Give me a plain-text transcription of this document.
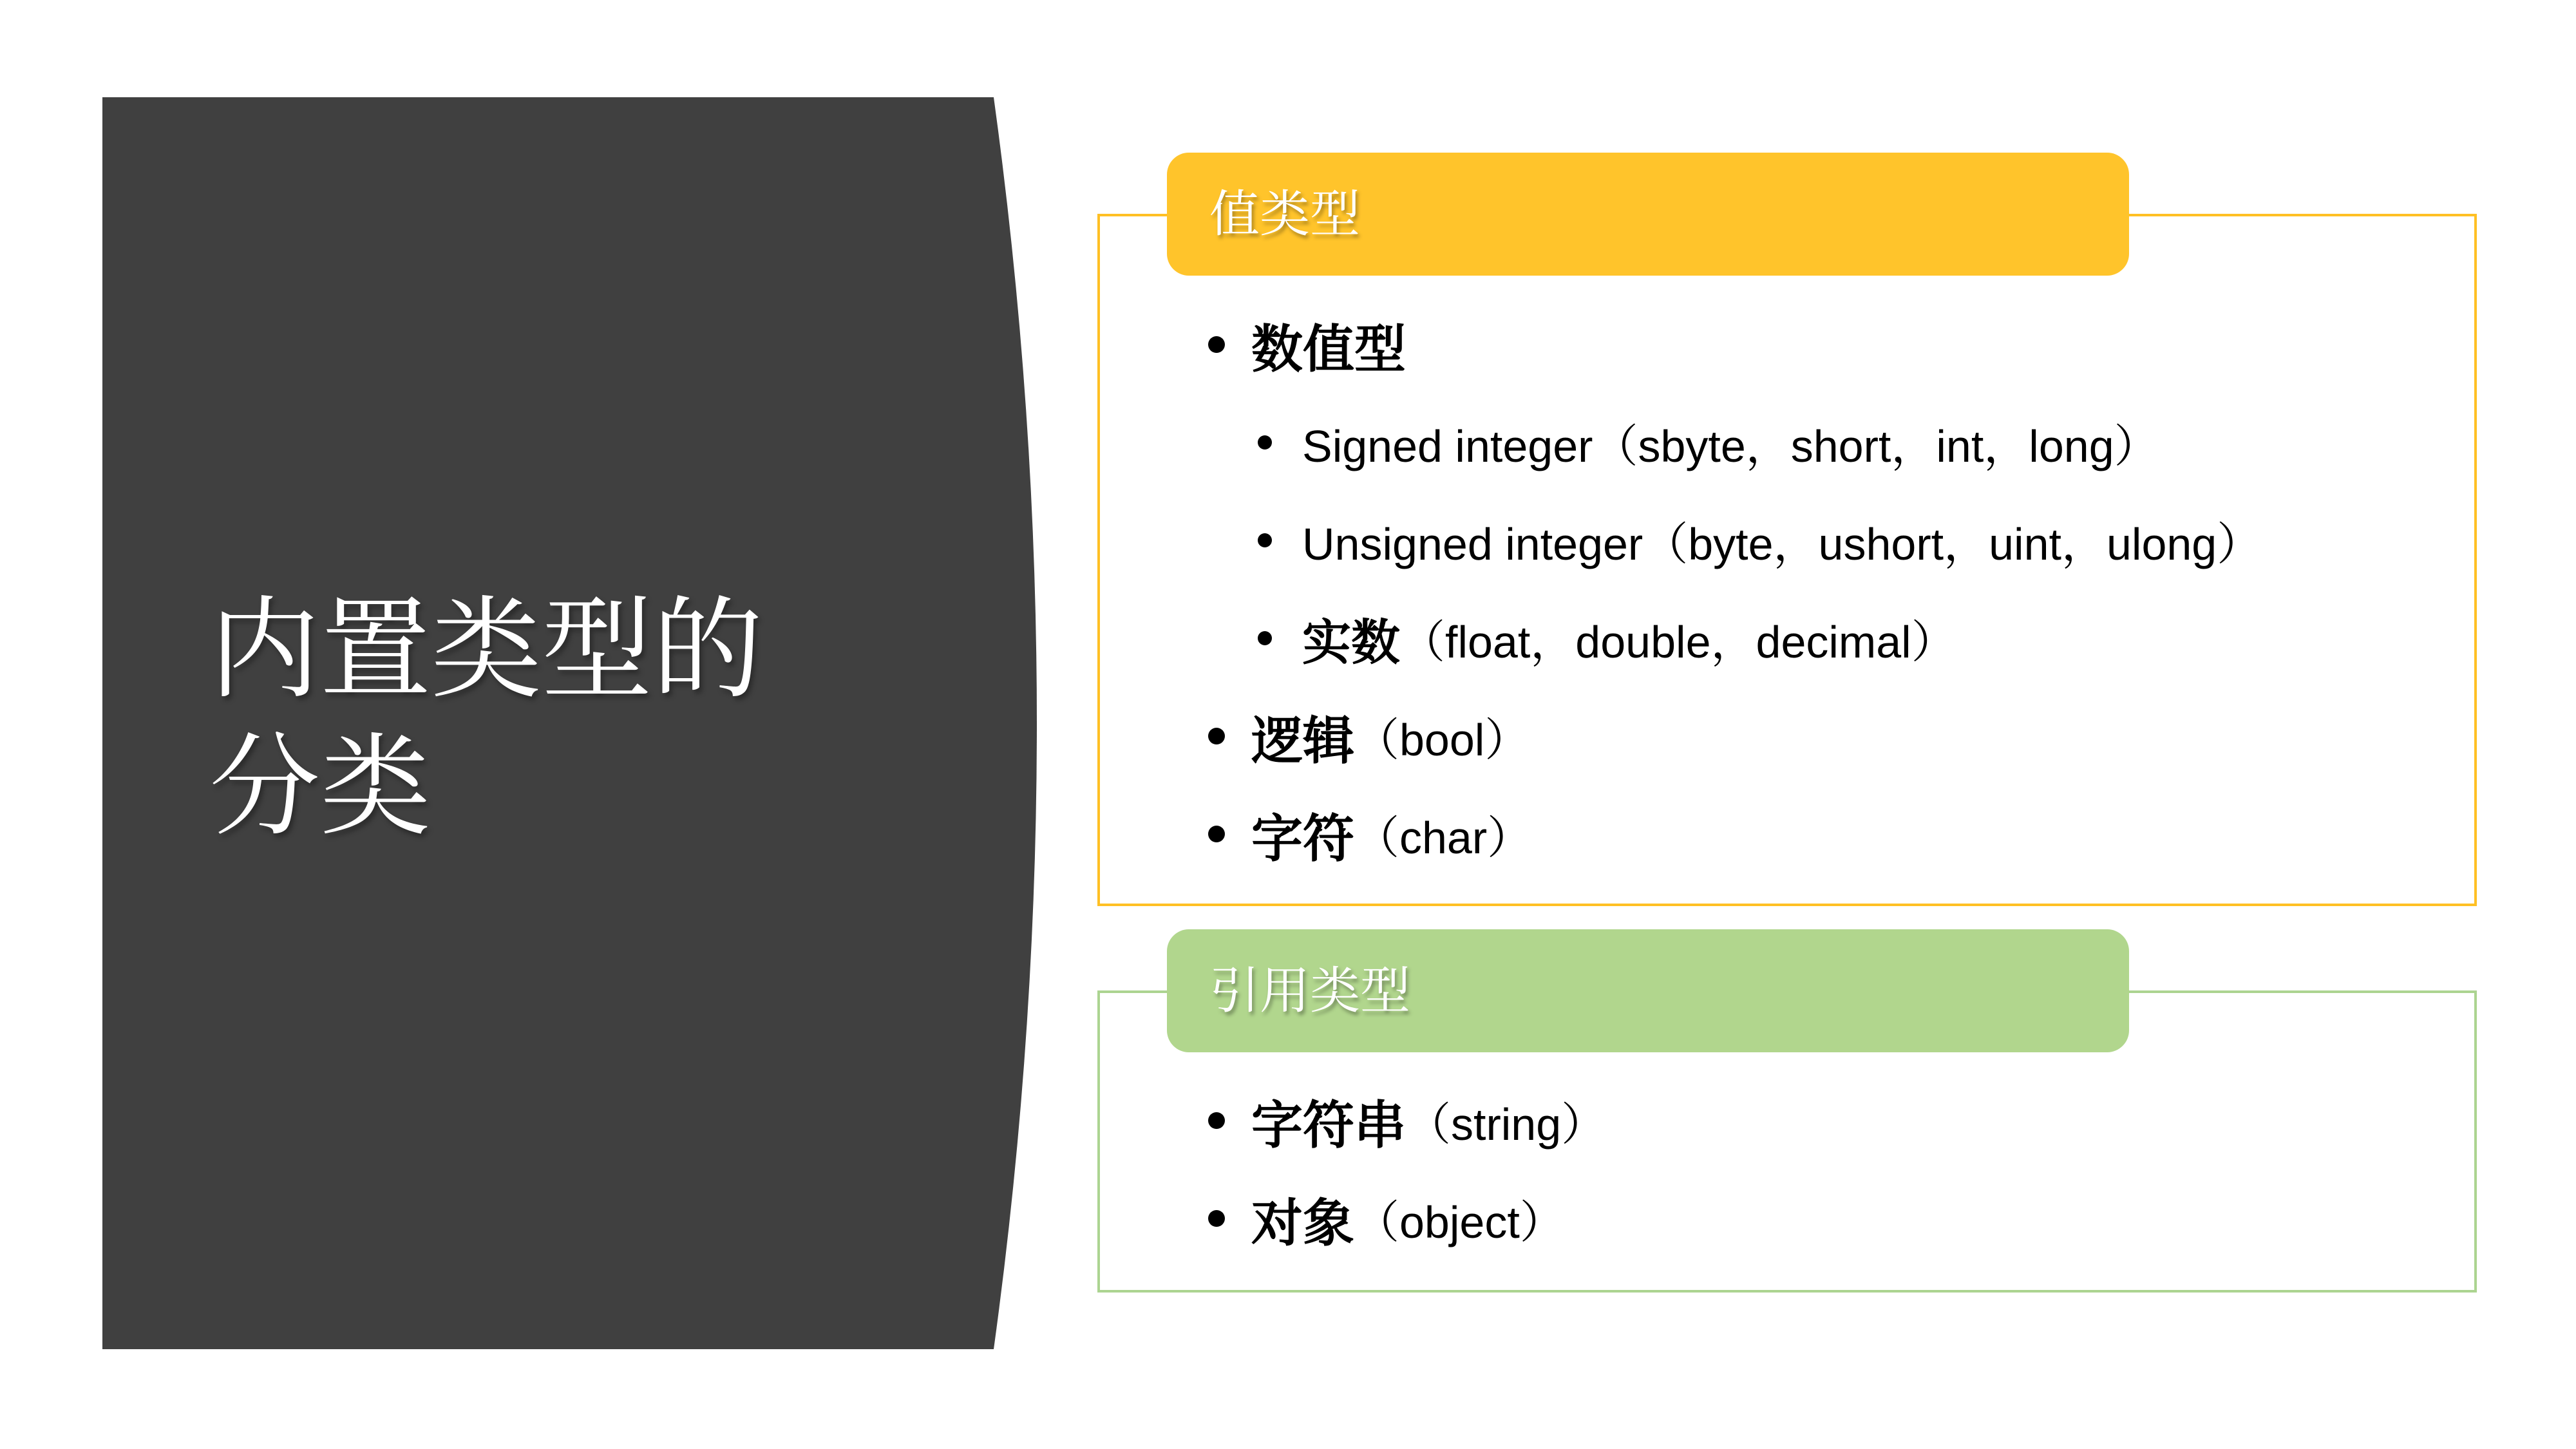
内置类型的分类
值类型
数值型
Signed integer（sbyte，short，int，long）
Unsigned integer（byte，ushort，uint，ulong）
实数 （float，double，decimal）
逻辑 （bool）
字符 （char）
引用类型
字符串 （string）
对象 （object）
